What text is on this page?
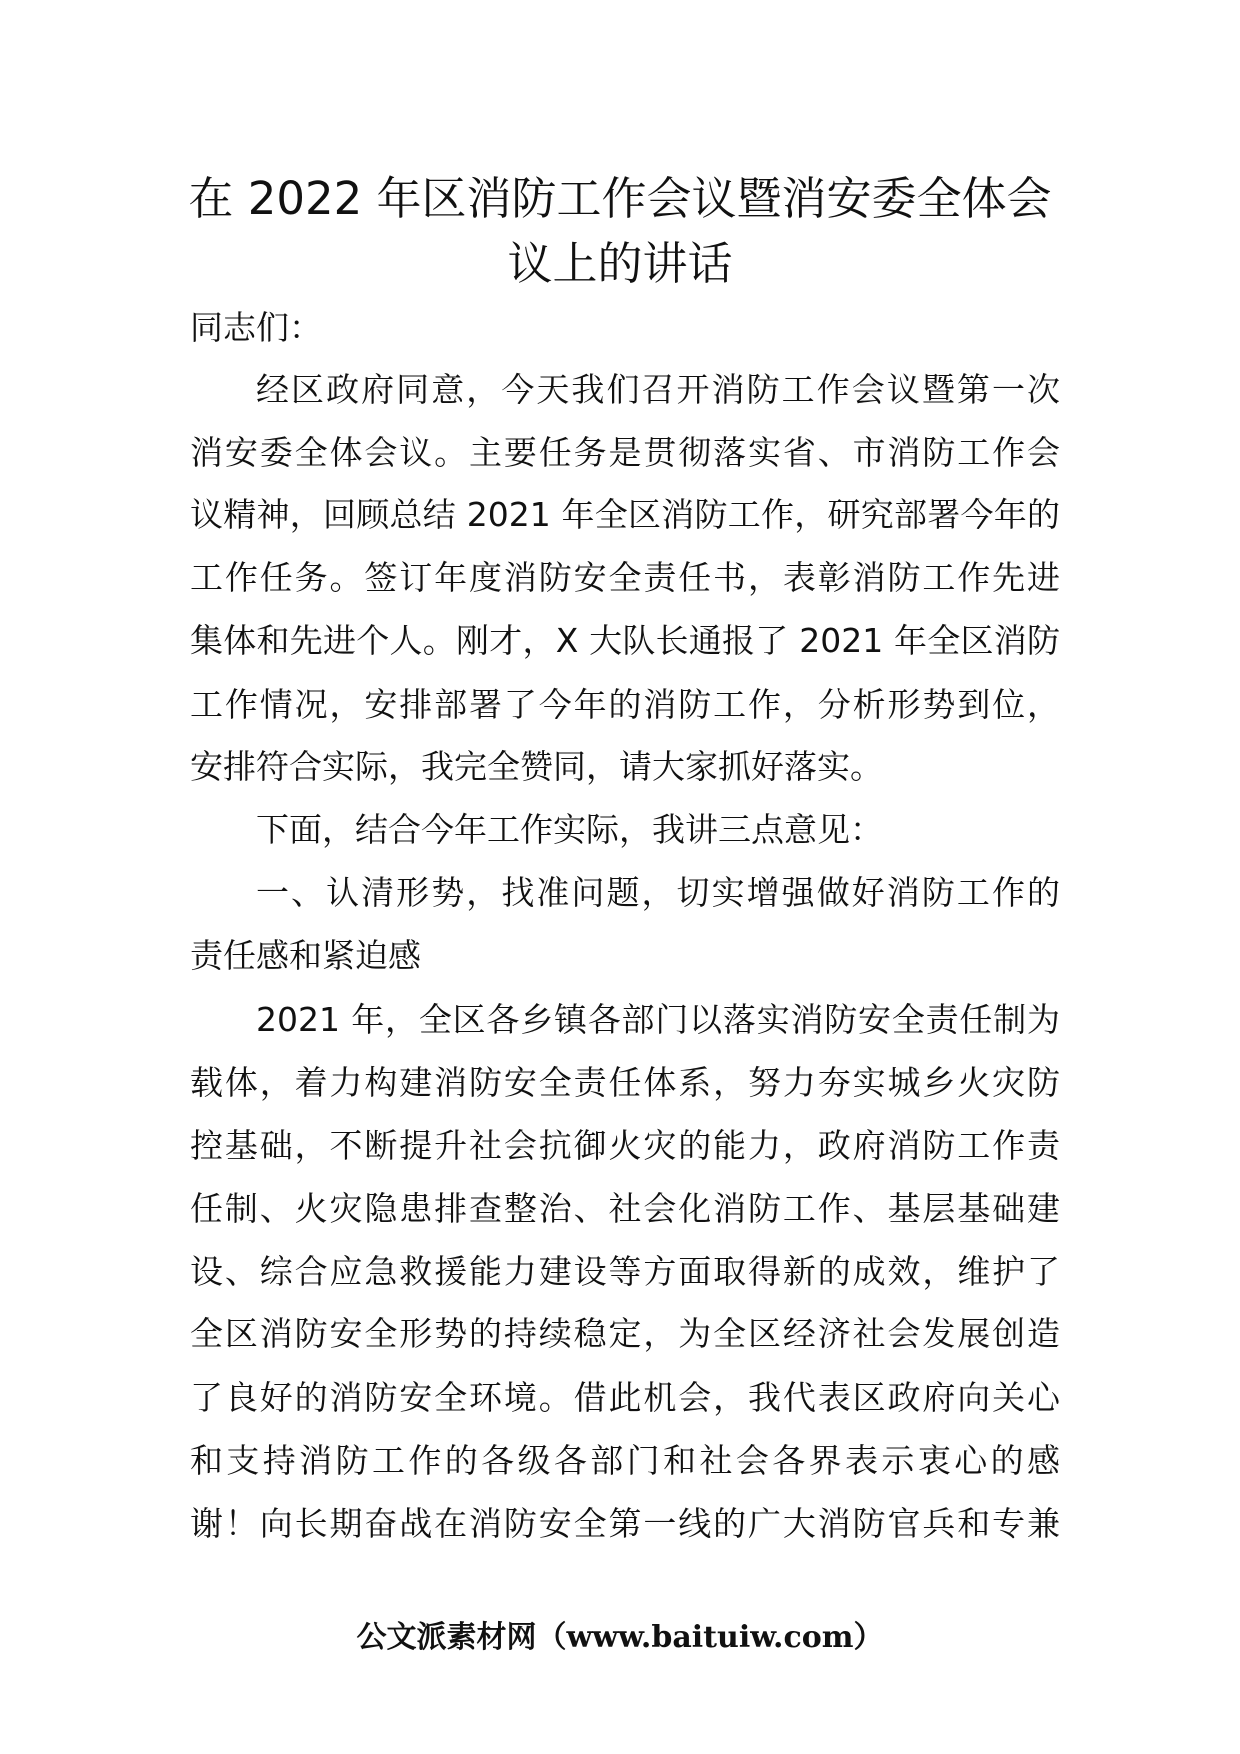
在 2022 年区消防工作会议暨消安委全体会
议上的讲话
同志们：
经区政府同意，今天我们召开消防工作会议暨第一次
消安委全体会议。主要任务是贯彻落实省、市消防工作会
议精神，回顾总结 2021 年全区消防工作，研究部署今年的
工作任务。签订年度消防安全责任书，表彰消防工作先进
集体和先进个人。刚才，X 大队长通报了 2021 年全区消防
工作情况，安排部署了今年的消防工作，分析形势到位，
安排符合实际，我完全赞同，请大家抓好落实。
下面，结合今年工作实际，我讲三点意见：
一、认清形势，找准问题，切实增强做好消防工作的
责任感和紧迫感
2021 年，全区各乡镇各部门以落实消防安全责任制为
载体，着力构建消防安全责任体系，努力夯实城乡火灾防
控基础，不断提升社会抗御火灾的能力，政府消防工作责
任制、火灾隐患排查整治、社会化消防工作、基层基础建
设、综合应急救援能力建设等方面取得新的成效，维护了
全区消防安全形势的持续稳定，为全区经济社会发展创造
了良好的消防安全环境。借此机会，我代表区政府向关心
和支持消防工作的各级各部门和社会各界表示衷心的感
谢！向长期奋战在消防安全第一线的广大消防官兵和专兼
公文派素材网（www.baituiw.com）
